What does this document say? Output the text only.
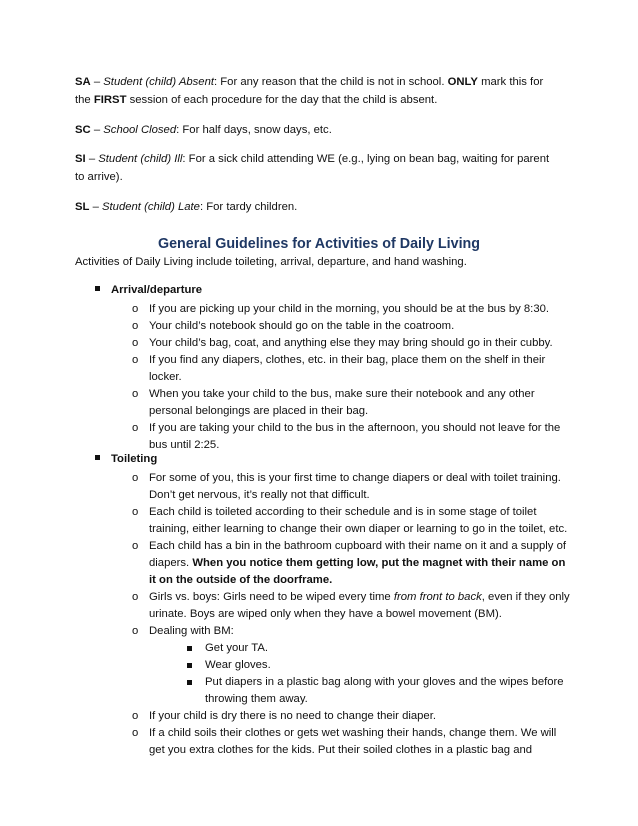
SA – Student (child) Absent: For any reason that the child is not in school. ONLY mark this for the FIRST session of each procedure for the day that the child is absent.
SC – School Closed: For half days, snow days, etc.
SI – Student (child) Ill: For a sick child attending WE (e.g., lying on bean bag, waiting for parent to arrive).
SL – Student (child) Late: For tardy children.
General Guidelines for Activities of Daily Living
Activities of Daily Living include toileting, arrival, departure, and hand washing.
Arrival/departure
o If you are picking up your child in the morning, you should be at the bus by 8:30.
o Your child’s notebook should go on the table in the coatroom.
o Your child’s bag, coat, and anything else they may bring should go in their cubby.
o If you find any diapers, clothes, etc. in their bag, place them on the shelf in their locker.
o When you take your child to the bus, make sure their notebook and any other personal belongings are placed in their bag.
o If you are taking your child to the bus in the afternoon, you should not leave for the bus until 2:25.
Toileting
o For some of you, this is your first time to change diapers or deal with toilet training. Don’t get nervous, it’s really not that difficult.
o Each child is toileted according to their schedule and is in some stage of toilet training, either learning to change their own diaper or learning to go in the toilet, etc.
o Each child has a bin in the bathroom cupboard with their name on it and a supply of diapers. When you notice them getting low, put the magnet with their name on it on the outside of the doorframe.
o Girls vs. boys: Girls need to be wiped every time from front to back, even if they only urinate. Boys are wiped only when they have a bowel movement (BM).
o Dealing with BM:
Get your TA.
Wear gloves.
Put diapers in a plastic bag along with your gloves and the wipes before throwing them away.
o If your child is dry there is no need to change their diaper.
o If a child soils their clothes or gets wet washing their hands, change them. We will get you extra clothes for the kids. Put their soiled clothes in a plastic bag and
